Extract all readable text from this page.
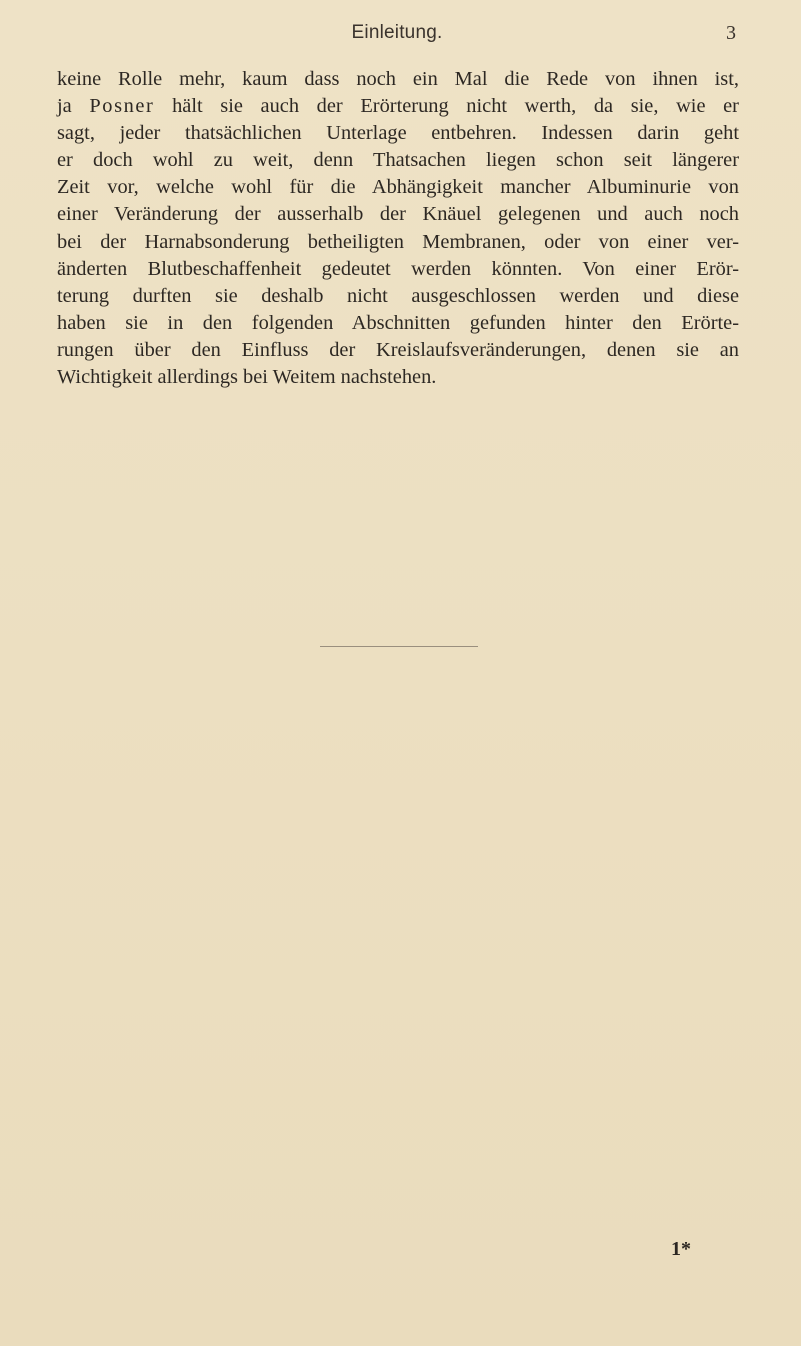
Einleitung.	3

keine Rolle mehr, kaum dass noch ein Mal die Rede von ihnen ist,
ja Posner hält sie auch der Erörterung nicht werth, da sie, wie er
sagt, jeder thatsächlichen Unterlage entbehren. Indessen darin geht
er doch wohl zu weit, denn Thatsachen liegen schon seit längerer
Zeit vor, welche wohl für die Abhängigkeit mancher Albuminurie von
einer Veränderung der ausserhalb der Knäuel gelegenen und auch noch
bei der Harnabsonderung betheiligten Membranen, oder von einer ver-
änderten Blutbeschaffenheit gedeutet werden könnten. Von einer Erör-
terung durften sie deshalb nicht ausgeschlossen werden und diese
haben sie in den folgenden Abschnitten gefunden hinter den Erörte-
rungen über den Einfluss der Kreislaufsveränderungen, denen sie an
Wichtigkeit allerdings bei Weitem nachstehen.

1*
